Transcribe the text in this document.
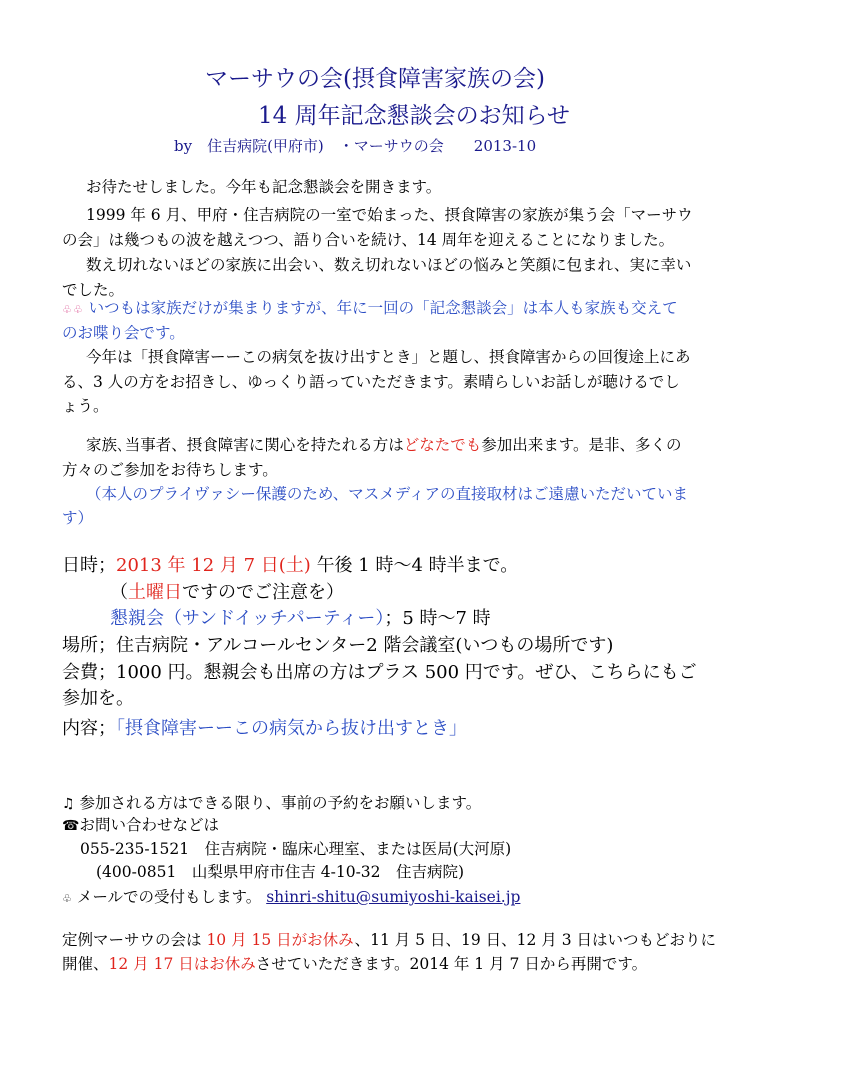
マーサウの会(摂食障害家族の会)
14 周年記念懇談会のお知らせ
by　住吉病院(甲府市)　・マーサウの会　　2013-10
お待たせしました。今年も記念懇談会を開きます。
1999 年 6 月、甲府・住吉病院の一室で始まった、摂食障害の家族が集う会「マーサウ
の会」は幾つもの波を越えつつ、語り合いを続け、14 周年を迎えることになりました。
数え切れないほどの家族に出会い、数え切れないほどの悩みと笑顔に包まれ、実に幸い
でした。
♧♧ いつもは家族だけが集まりますが、年に一回の「記念懇談会」は本人も家族も交えて
のお喋り会です。
今年は「摂食障害ーーこの病気を抜け出すとき」と題し、摂食障害からの回復途上にあ
る、3 人の方をお招きし、ゆっくり語っていただきます。素晴らしいお話しが聴けるでし
ょう。
家族､当事者、摂食障害に関心を持たれる方はどなたでも参加出来ます。是非、多くの
方々のご参加をお待ちします。
（本人のプライヴァシー保護のため、マスメディアの直接取材はご遠慮いただいていま
す）
日時；2013 年 12 月 7 日(土) 午後 1 時〜4 時半まで。
（土曜日ですのでご注意を）
懇親会（サンドイッチパーティー）；5 時〜7 時
場所；住吉病院・アルコールセンター2 階会議室(いつもの場所です)
会費；1000 円。懇親会も出席の方はプラス 500 円です。ぜひ、こちらにもご
参加を。
内容；「摂食障害ーーこの病気から抜け出すとき」
♫ 参加される方はできる限り、事前の予約をお願いします。
☎お問い合わせなどは
055-235-1521　住吉病院・臨床心理室、または医局(大河原)
(400-0851　山梨県甲府市住吉 4-10-32　住吉病院)
♧ メールでの受付もします。 shinri-shitu@sumiyoshi-kaisei.jp
定例マーサウの会は 10 月 15 日がお休み、11 月 5 日、19 日、12 月 3 日はいつもどおりに
開催、12 月 17 日はお休みさせていただきます。2014 年 1 月 7 日から再開です。
